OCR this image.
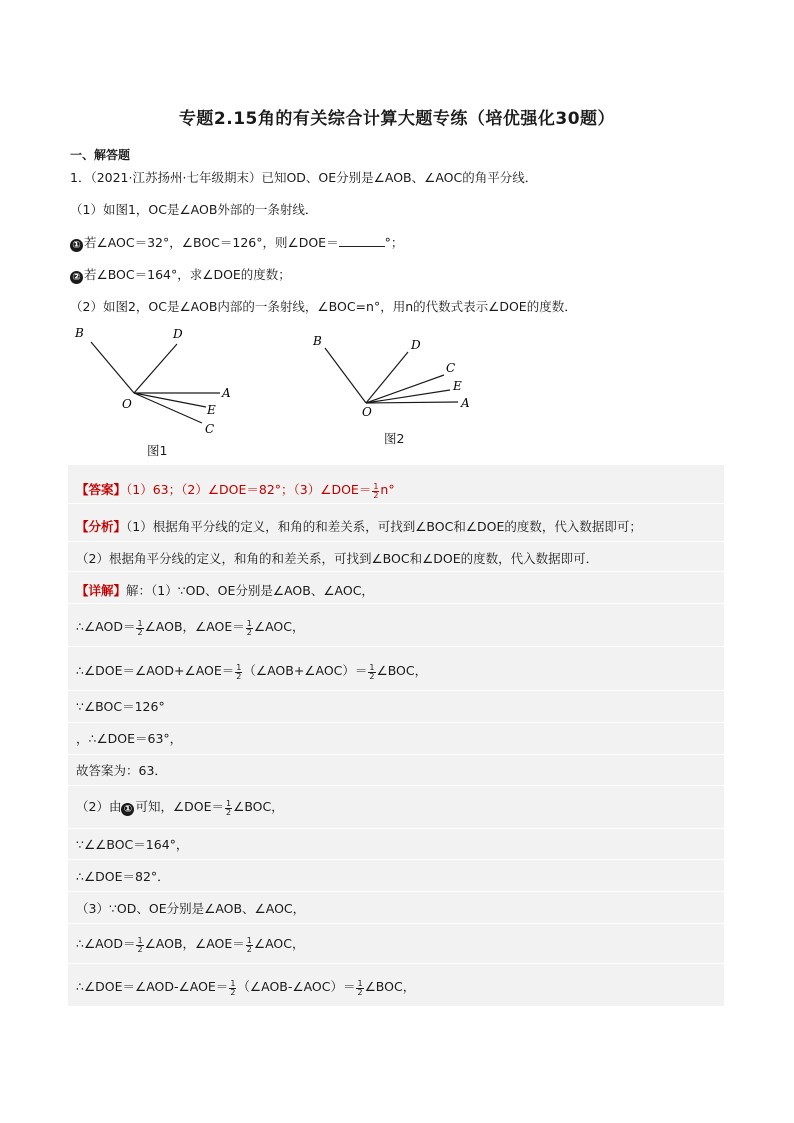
专题2.15角的有关综合计算大题专练（培优强化30题）
一、解答题
1．（2021·江苏扬州·七年级期末）已知OD、OE分别是∠AOB、∠AOC的角平分线．
（1）如图1，OC是∠AOB外部的一条射线．
① 若∠AOC＝32°，∠BOC＝126°，则∠DOE＝	°；
② 若∠BOC＝164°，求∠DOE的度数；
（2）如图2，OC是∠AOB内部的一条射线，∠BOC=n°，用n的代数式表示∠DOE的度数．
B	D
A
O	E
C
图1
B	D
C
E
A
O
图2
【答案】（1）63；（2）∠DOE＝82°；（3）∠DOE＝ $\frac{1}{2} n^\circ$
【分析】（1）根据角平分线的定义，和角的和差关系，可找到∠BOC和∠DOE的度数，代入数据即可；
（2）根据角平分线的定义，和角的和差关系，可找到∠BOC和∠DOE的度数，代入数据即可．
【详解】解：（1）∵OD、OE分别是∠AOB、∠AOC，
∴∠AOD＝ $\frac{1}{2}$ ∠AOB，∠AOE＝ $\frac{1}{2}$ ∠AOC，
∴∠DOE＝∠AOD+∠AOE＝ $\frac{1}{2}$ （∠AOB+∠AOC）＝ $\frac{1}{2}$ ∠BOC，
∵∠BOC＝126°
，∴∠DOE＝63°，
故答案为：63．
（2）由 ① 可知，∠DOE＝ $\frac{1}{2}$ ∠BOC，
∵∠∠BOC＝164°，
∴∠DOE＝82°．
（3）∵OD、OE分别是∠AOB、∠AOC，
∴∠AOD＝ $\frac{1}{2}$ ∠AOB，∠AOE＝ $\frac{1}{2}$ ∠AOC，
∴∠DOE＝∠AOD-∠AOE＝ $\frac{1}{2}$ （∠AOB-∠AOC）＝ $\frac{1}{2}$ ∠BOC，
